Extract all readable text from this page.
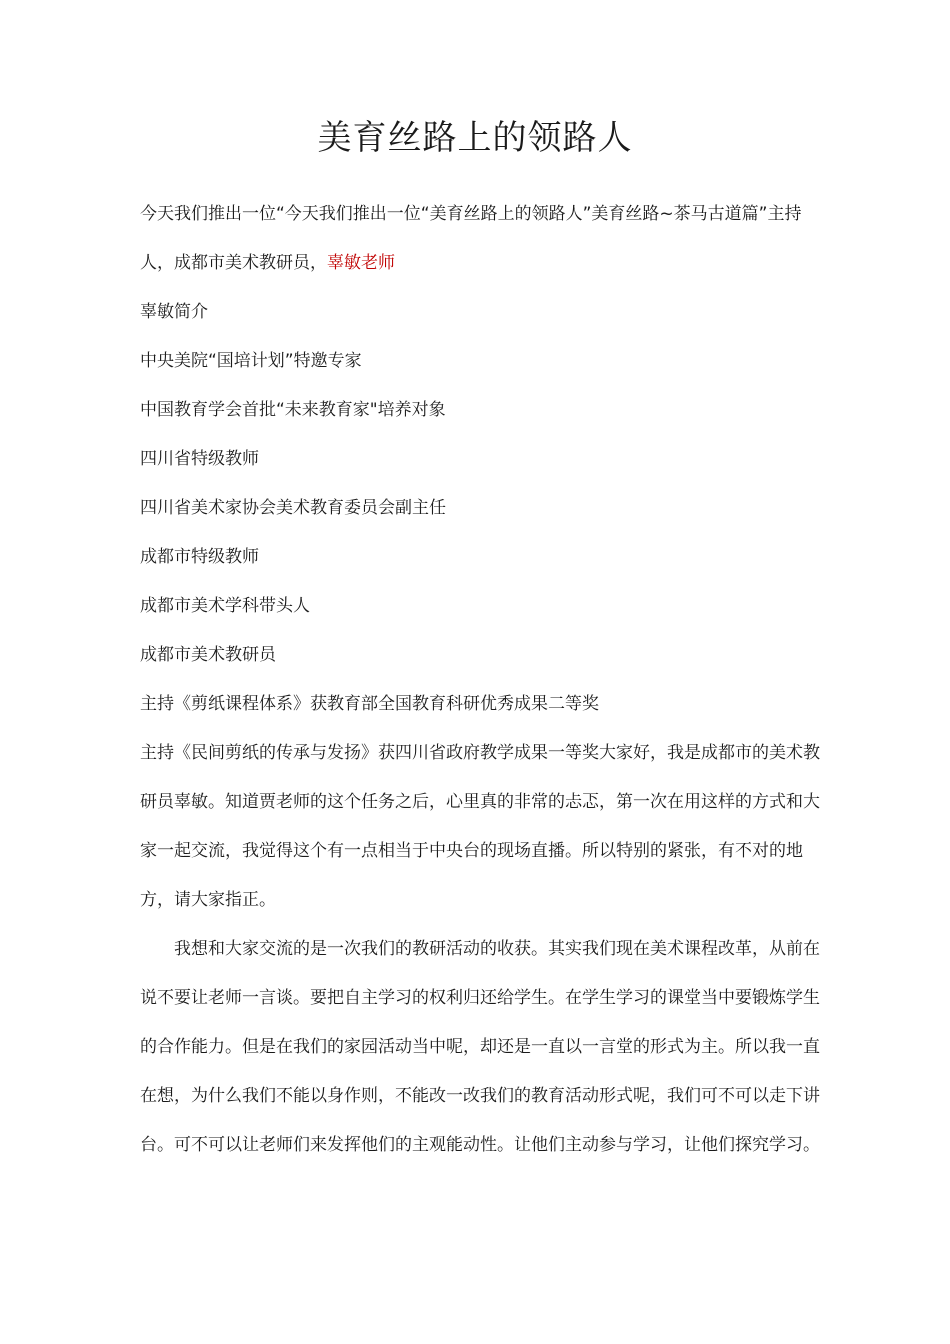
美育丝路上的领路人

今天我们推出一位“今天我们推出一位“美育丝路上的领路人”美育丝路~茶马古道篇”主持人，成都市美术教研员，辜敏老师

辜敏简介

中央美院“国培计划”特邀专家

中国教育学会首批“未来教育家"培养对象

四川省特级教师

四川省美术家协会美术教育委员会副主任

成都市特级教师

成都市美术学科带头人

成都市美术教研员

主持《剪纸课程体系》获教育部全国教育科研优秀成果二等奖

主持《民间剪纸的传承与发扬》获四川省政府教学成果一等奖大家好，我是成都市的美术教研员辜敏。知道贾老师的这个任务之后，心里真的非常的忐忑，第一次在用这样的方式和大家一起交流，我觉得这个有一点相当于中央台的现场直播。所以特别的紧张，有不对的地方，请大家指正。

我想和大家交流的是一次我们的教研活动的收获。其实我们现在美术课程改革，从前在说不要让老师一言谈。要把自主学习的权利归还给学生。在学生学习的课堂当中要锻炼学生的合作能力。但是在我们的家园活动当中呢，却还是一直以一言堂的形式为主。所以我一直在想，为什么我们不能以身作则，不能改一改我们的教育活动形式呢，我们可不可以走下讲台。可不可以让老师们来发挥他们的主观能动性。让他们主动参与学习，让他们探究学习。
